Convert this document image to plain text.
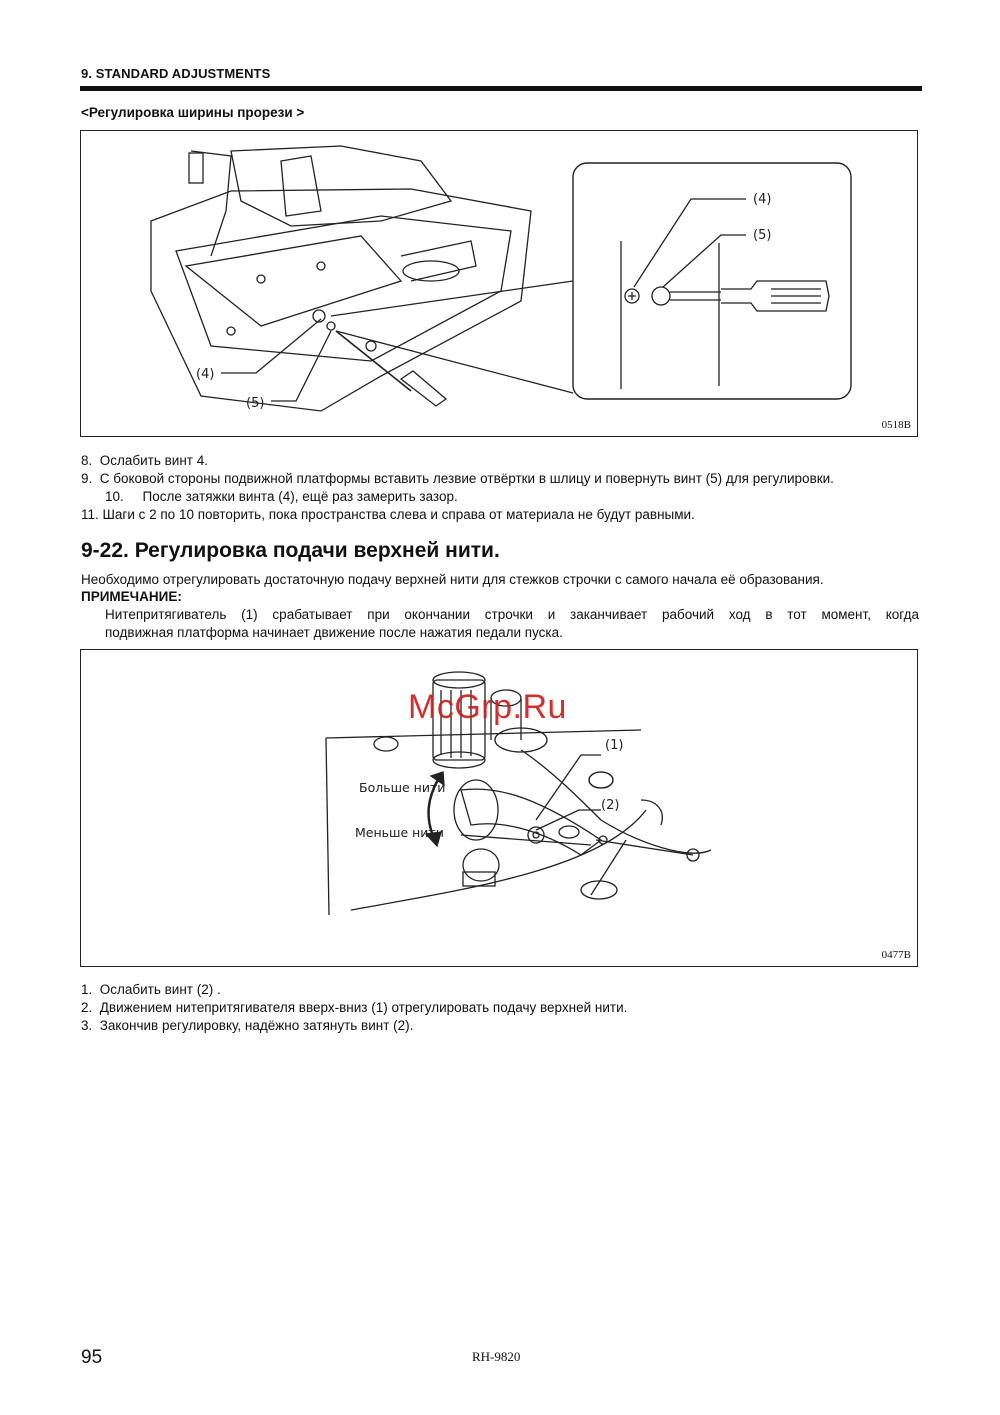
9. STANDARD ADJUSTMENTS
<Регулировка ширины прорези >
(4)
(5)
(4)
(5)
0518B
8.  Ослабить винт 4.
9.  С боковой стороны подвижной платформы вставить лезвие отвёртки в шлицу и повернуть винт (5) для регулировки.
10.     После затяжки винта (4), ещё раз замерить зазор.
11. Шаги с 2 по 10 повторить, пока пространства слева и справа от материала не будут равными.
9-22. Регулировка подачи верхней нити.
Необходимо отрегулировать достаточную подачу верхней нити для стежков строчки с самого начала её образования.
ПРИМЕЧАНИЕ:
Нитепритягиватель (1) срабатывает при окончании строчки и заканчивает рабочий ход в тот момент, когда
подвижная платформа начинает движение после нажатия педали пуска.
Больше нити
Меньше нити
(1)
(2)
0477B
McGrp.Ru
1.  Ослабить винт (2) .
2.  Движением нитепритягивателя вверх-вниз (1) отрегулировать подачу верхней нити.
3.  Закончив регулировку, надёжно затянуть винт (2).
95	RH-9820
